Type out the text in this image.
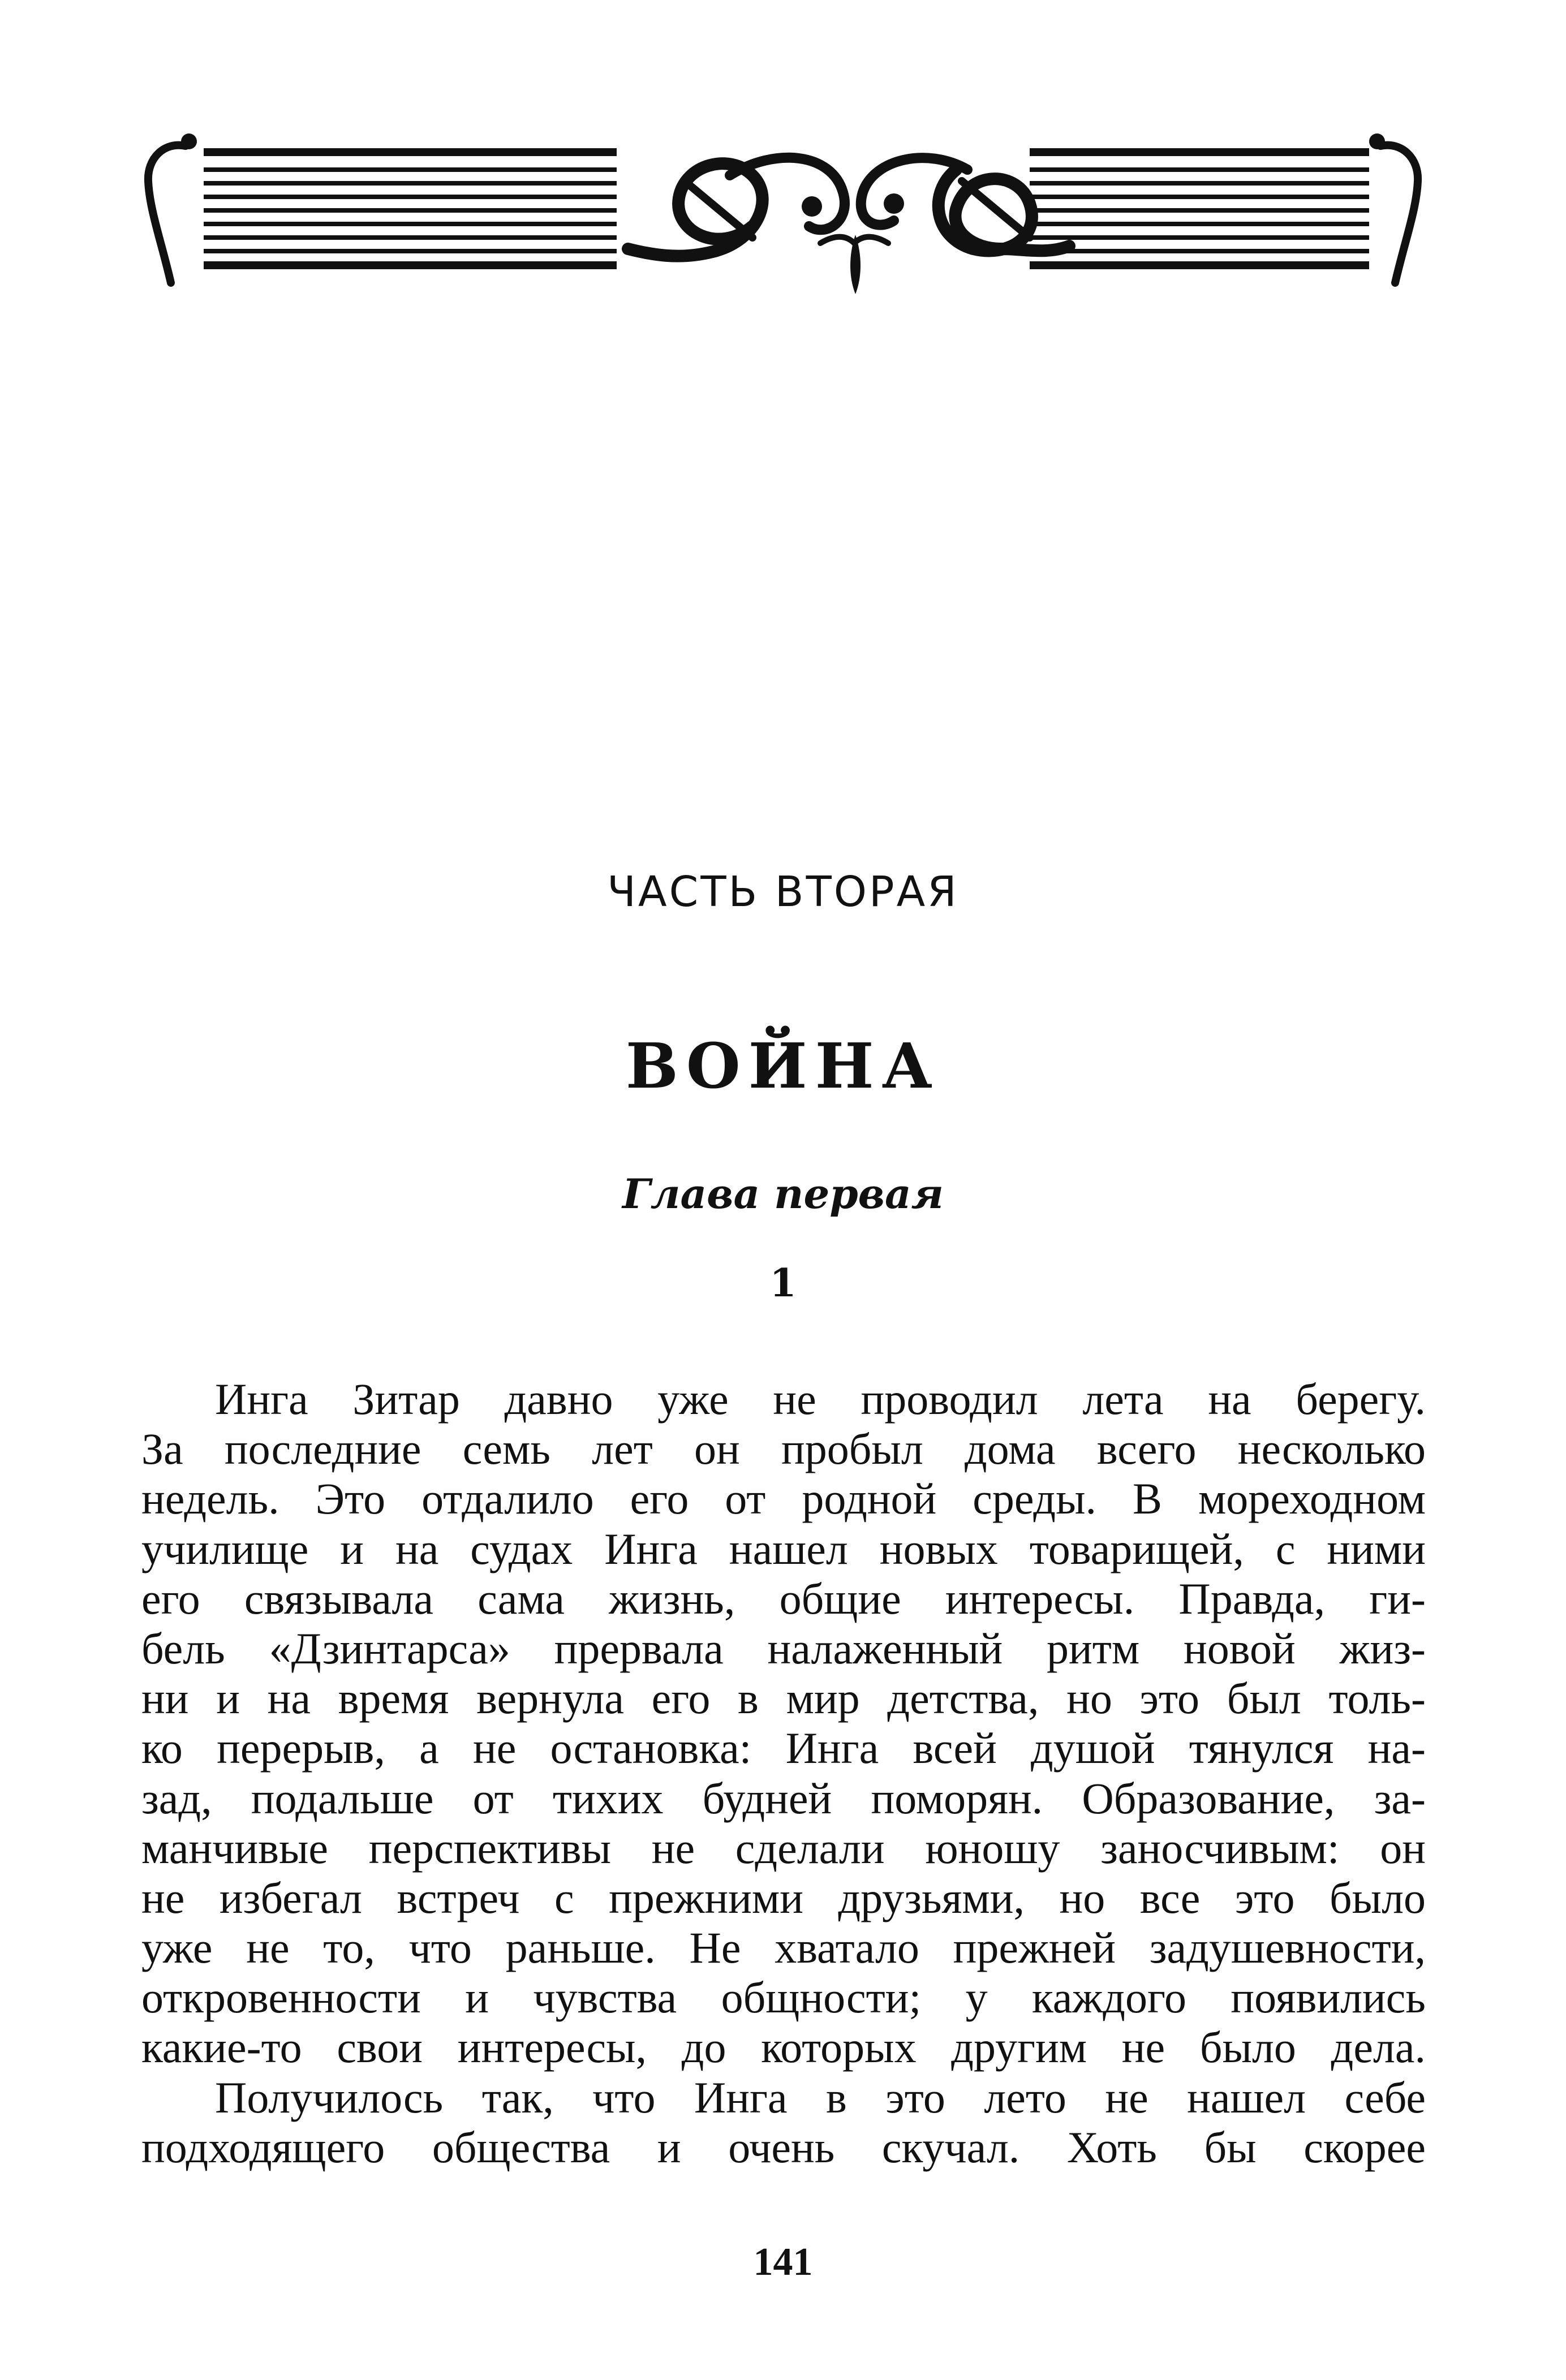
ЧАСТЬ ВТОРАЯ
ВОЙНА
Глава первая
1
Инга Зитар давно уже не проводил лета на берегу.
За последние семь лет он пробыл дома всего несколько
недель. Это отдалило его от родной среды. В мореходном
училище и на судах Инга нашел новых товарищей, с ними
его связывала сама жизнь, общие интересы. Правда, ги-
бель «Дзинтарса» прервала налаженный ритм новой жиз-
ни и на время вернула его в мир детства, но это был толь-
ко перерыв, а не остановка: Инга всей душой тянулся на-
зад, подальше от тихих будней поморян. Образование, за-
манчивые перспективы не сделали юношу заносчивым: он
не избегал встреч с прежними друзьями, но все это было
уже не то, что раньше. Не хватало прежней задушевности,
откровенности и чувства общности; у каждого появились
какие-то свои интересы, до которых другим не было дела.
Получилось так, что Инга в это лето не нашел себе
подходящего общества и очень скучал. Хоть бы скорее
141
